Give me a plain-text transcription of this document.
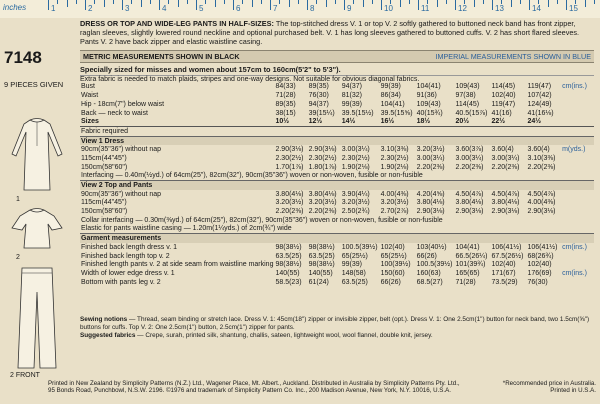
inches	1	2	3	4	5	6	7	8	9	10	11	12	13	14	15
7148
9 PIECES GIVEN
1
2
2 FRONT

DRESS OR TOP AND WIDE-LEG PANTS IN HALF-SIZES: The top-stitched dress V. 1 or top V. 2 softly gathered to buttoned neck band has front zipper, raglan sleeves, slightly lowered round neckline and optional purchased belt. V. 1 has long sleeves gathered to buttoned cuffs. V. 2 has short flared sleeves. Pants V. 2 have back zipper and elastic waistline casing.

METRIC MEASUREMENTS SHOWN IN BLACK	IMPERIAL MEASUREMENTS SHOWN IN BLUE
Specially sized for misses and women about 157cm to 160cm(5'2" to 5'3").
Extra fabric is needed to match plaids, stripes and one-way designs. Not suitable for obvious diagonal fabrics.
Bust	84(33)	89(35)	94(37)	99(39)	104(41)	109(43)	114(45)	119(47)	cm(ins.)
Waist	71(28)	76(30)	81(32)	86(34)	91(36)	97(38)	102(40)	107(42)	
Hip - 18cm(7") below waist	89(35)	94(37)	99(39)	104(41)	109(43)	114(45)	119(47)	124(49)	
Back — neck to waist	38(15)	39(15¼)	39.5(15½)	39.5(15⅝)	40(15¾)	40.5(15⅞)	41(16)	41(16⅛)	
Sizes	10½	12½	14½	16½	18½	20½	22½	24½	
Fabric required									
View 1 Dress									
90cm(35"36") without nap	2.90(3⅛)	2.90(3⅛)	3.00(3¼)	3.10(3⅜)	3.20(3½)	3.60(3⅞)	3.60(4)	3.60(4)	m(yds.)
115cm(44"45")	2.30(2½)	2.30(2½)	2.30(2½)	2.30(2½)	3.00(3¼)	3.00(3¼)	3.00(3¼)	3.10(3⅜)	
150cm(58"60")	1.70(1⅞)	1.80(1⅞)	1.90(2⅛)	1.90(2⅛)	2.20(2⅜)	2.20(2⅜)	2.20(2⅜)	2.20(2⅜)	
Interfacing — 0.40m(½yd.) of 64cm(25"), 82cm(32"), 90cm(35"36") woven or non-woven, fusible or non-fusible									
View 2 Top and Pants									
90cm(35"36") without nap	3.80(4⅛)	3.80(4⅛)	3.90(4¼)	4.00(4⅜)	4.20(4⅝)	4.50(4⅞)	4.50(4⅞)	4.50(4⅞)	
115cm(44"45")	3.20(3½)	3.20(3½)	3.20(3½)	3.20(3½)	3.80(4⅛)	3.80(4⅛)	3.80(4⅛)	4.00(4⅜)	
150cm(58"60")	2.20(2⅜)	2.20(2⅜)	2.50(2¾)	2.70(2⅞)	2.90(3⅛)	2.90(3⅛)	2.90(3⅛)	2.90(3⅛)	
Collar interfacing — 0.30m(⅜yd.) of 64cm(25"), 82cm(32"), 90cm(35"36") woven or non-woven, fusible or non-fusible									
Elastic for pants waistline casing — 1.20m(1¼yds.) of 2cm(¾") wide									
Garment measurements									
Finished back length dress v. 1	98(38½)	98(38½)	100.5(39½)	102(40)	103(40½)	104(41)	106(41½)	106(41½)	cm(ins.)
Finished back length top v. 2	63.5(25)	63.5(25)	65(25½)	65(25½)	66(26)	66.5(26¼)	67.5(26½)	68(26¾)	
Finished length pants v. 2 at side seam from waistline marking	98(38½)	98(38½)	99(39)	100(39½)	100.5(39½)	101(39¾)	102(40)	102(40)	
Width of lower edge dress v. 1	140(55)	140(55)	148(58)	150(60)	160(63)	165(65)	171(67)	176(69)	cm(ins.)
Bottom with pants leg v. 2	58.5(23)	61(24)	63.5(25)	66(26)	68.5(27)	71(28)	73.5(29)	76(30)	
Sewing notions — Thread, seam binding or stretch lace. Dress V. 1: 45cm(18") zipper or invisible zipper, belt (opt.). Dress V. 1: One 2.5cm(1") button for neck band, two 1.5cm(⅝") buttons for cuffs. Top V. 2: One 2.5cm(1") button, 2.5cm(1") zipper for pants.
Suggested fabrics — Crepe, surah, printed silk, shantung, challis, sateen, lightweight wool, wool flannel, double knit, jersey.
Printed in New Zealand by Simplicity Patterns (N.Z.) Ltd., Wagener Place, Mt. Albert., Auckland. Distributed in Australia by Simplicity Patterns Pty. Ltd.,
95 Bonds Road, Punchbowl, N.S.W. 2196. ©1976 and trademark of Simplicity Pattern Co. Inc., 200 Madison Avenue, New York, N.Y. 10016, U.S.A.
*Recommended price in Australia.
Printed in U.S.A.
